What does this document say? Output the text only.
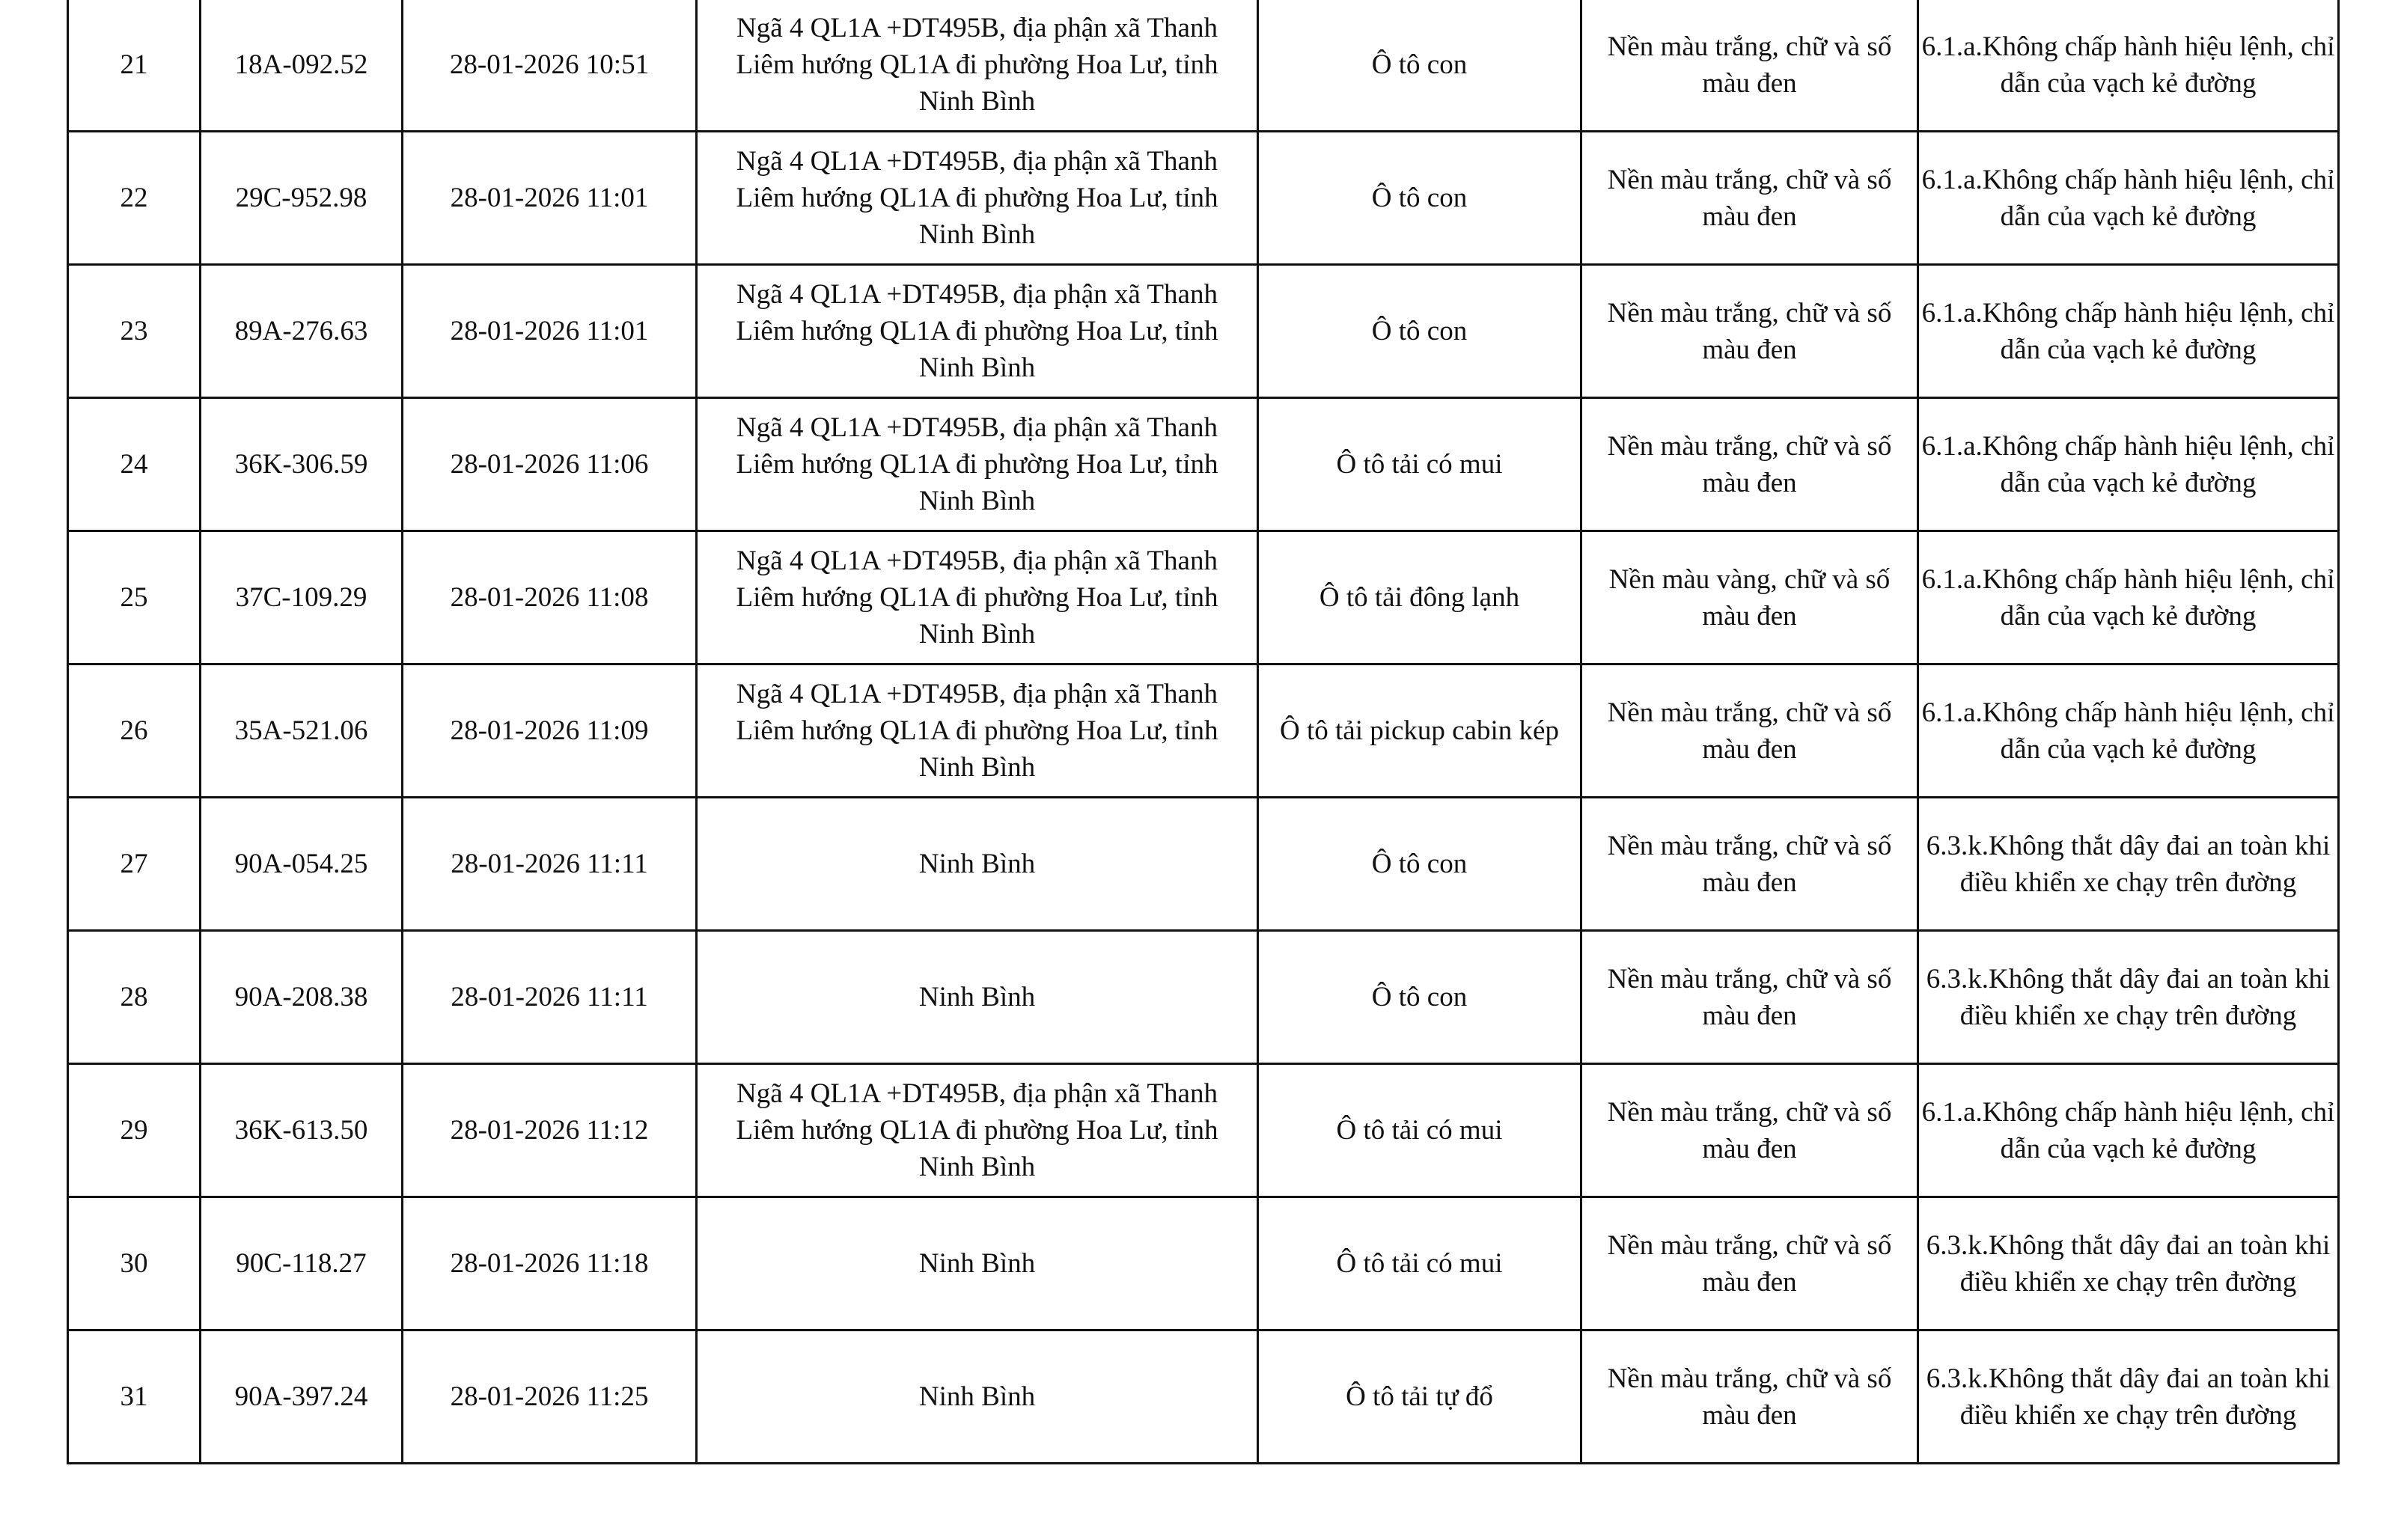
21	18A-092.52	28-01-2026 10:51	Ngã 4 QL1A +DT495B, địa phận xã Thanh Liêm hướng QL1A đi phường Hoa Lư, tỉnh Ninh Bình	Ô tô con	Nền màu trắng, chữ và số màu đen	6.1.a.Không chấp hành hiệu lệnh, chỉ dẫn của vạch kẻ đường
22	29C-952.98	28-01-2026 11:01	Ngã 4 QL1A +DT495B, địa phận xã Thanh Liêm hướng QL1A đi phường Hoa Lư, tỉnh Ninh Bình	Ô tô con	Nền màu trắng, chữ và số màu đen	6.1.a.Không chấp hành hiệu lệnh, chỉ dẫn của vạch kẻ đường
23	89A-276.63	28-01-2026 11:01	Ngã 4 QL1A +DT495B, địa phận xã Thanh Liêm hướng QL1A đi phường Hoa Lư, tỉnh Ninh Bình	Ô tô con	Nền màu trắng, chữ và số màu đen	6.1.a.Không chấp hành hiệu lệnh, chỉ dẫn của vạch kẻ đường
24	36K-306.59	28-01-2026 11:06	Ngã 4 QL1A +DT495B, địa phận xã Thanh Liêm hướng QL1A đi phường Hoa Lư, tỉnh Ninh Bình	Ô tô tải có mui	Nền màu trắng, chữ và số màu đen	6.1.a.Không chấp hành hiệu lệnh, chỉ dẫn của vạch kẻ đường
25	37C-109.29	28-01-2026 11:08	Ngã 4 QL1A +DT495B, địa phận xã Thanh Liêm hướng QL1A đi phường Hoa Lư, tỉnh Ninh Bình	Ô tô tải đông lạnh	Nền màu vàng, chữ và số màu đen	6.1.a.Không chấp hành hiệu lệnh, chỉ dẫn của vạch kẻ đường
26	35A-521.06	28-01-2026 11:09	Ngã 4 QL1A +DT495B, địa phận xã Thanh Liêm hướng QL1A đi phường Hoa Lư, tỉnh Ninh Bình	Ô tô tải pickup cabin kép	Nền màu trắng, chữ và số màu đen	6.1.a.Không chấp hành hiệu lệnh, chỉ dẫn của vạch kẻ đường
27	90A-054.25	28-01-2026 11:11	Ninh Bình	Ô tô con	Nền màu trắng, chữ và số màu đen	6.3.k.Không thắt dây đai an toàn khi điều khiển xe chạy trên đường
28	90A-208.38	28-01-2026 11:11	Ninh Bình	Ô tô con	Nền màu trắng, chữ và số màu đen	6.3.k.Không thắt dây đai an toàn khi điều khiển xe chạy trên đường
29	36K-613.50	28-01-2026 11:12	Ngã 4 QL1A +DT495B, địa phận xã Thanh Liêm hướng QL1A đi phường Hoa Lư, tỉnh Ninh Bình	Ô tô tải có mui	Nền màu trắng, chữ và số màu đen	6.1.a.Không chấp hành hiệu lệnh, chỉ dẫn của vạch kẻ đường
30	90C-118.27	28-01-2026 11:18	Ninh Bình	Ô tô tải có mui	Nền màu trắng, chữ và số màu đen	6.3.k.Không thắt dây đai an toàn khi điều khiển xe chạy trên đường
31	90A-397.24	28-01-2026 11:25	Ninh Bình	Ô tô tải tự đổ	Nền màu trắng, chữ và số màu đen	6.3.k.Không thắt dây đai an toàn khi điều khiển xe chạy trên đường
